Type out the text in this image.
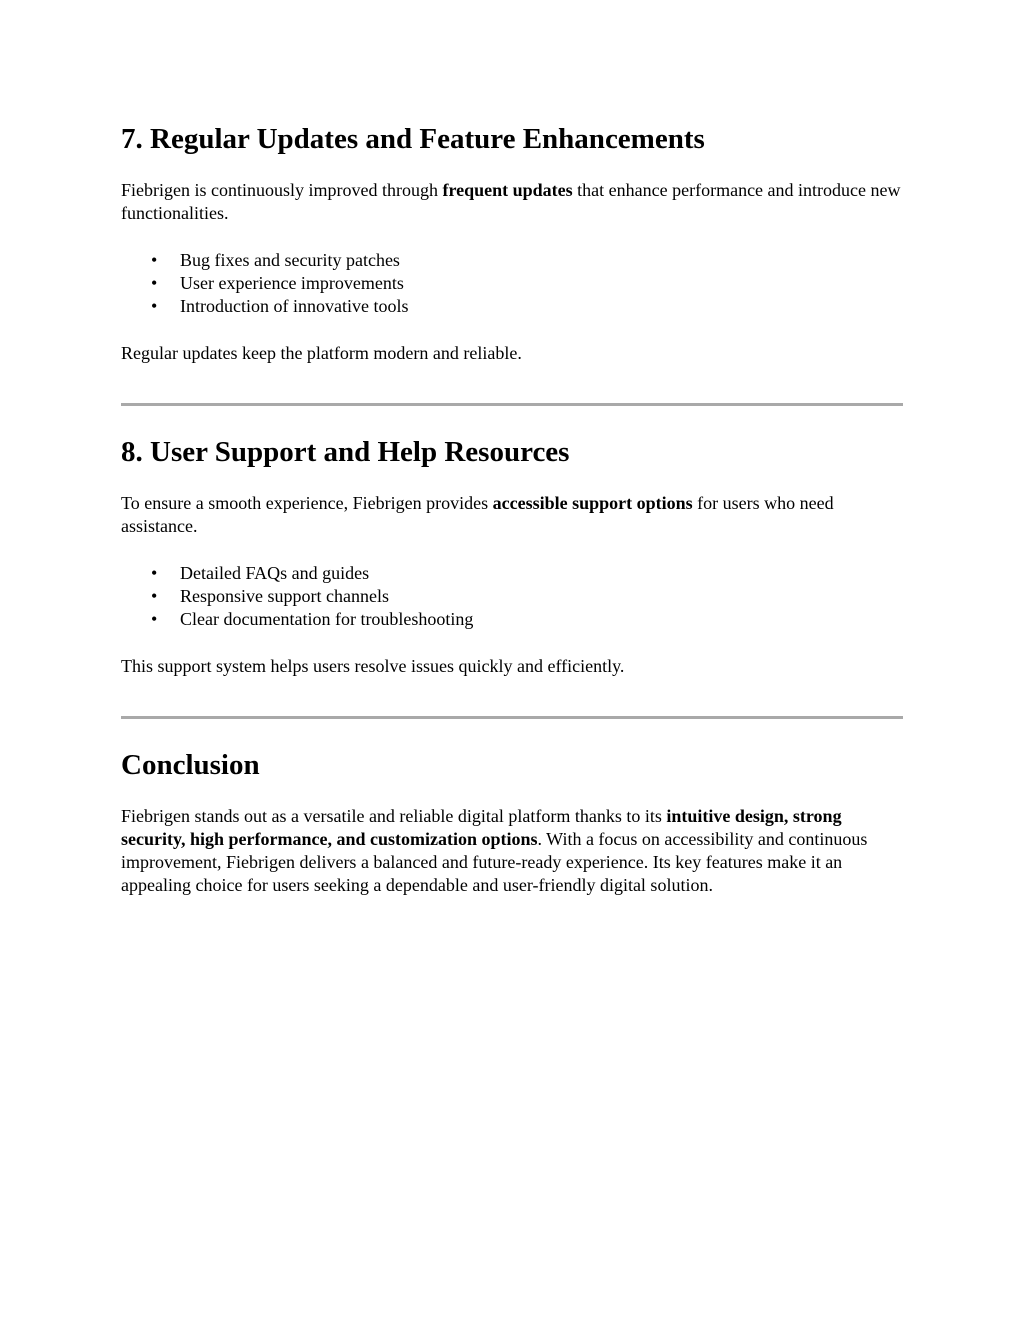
7. Regular Updates and Feature Enhancements

Fiebrigen is continuously improved through frequent updates that enhance performance and introduce new functionalities.

• Bug fixes and security patches
• User experience improvements
• Introduction of innovative tools

Regular updates keep the platform modern and reliable.

8. User Support and Help Resources

To ensure a smooth experience, Fiebrigen provides accessible support options for users who need assistance.

• Detailed FAQs and guides
• Responsive support channels
• Clear documentation for troubleshooting

This support system helps users resolve issues quickly and efficiently.

Conclusion

Fiebrigen stands out as a versatile and reliable digital platform thanks to its intuitive design, strong security, high performance, and customization options. With a focus on accessibility and continuous improvement, Fiebrigen delivers a balanced and future-ready experience. Its key features make it an appealing choice for users seeking a dependable and user-friendly digital solution.
